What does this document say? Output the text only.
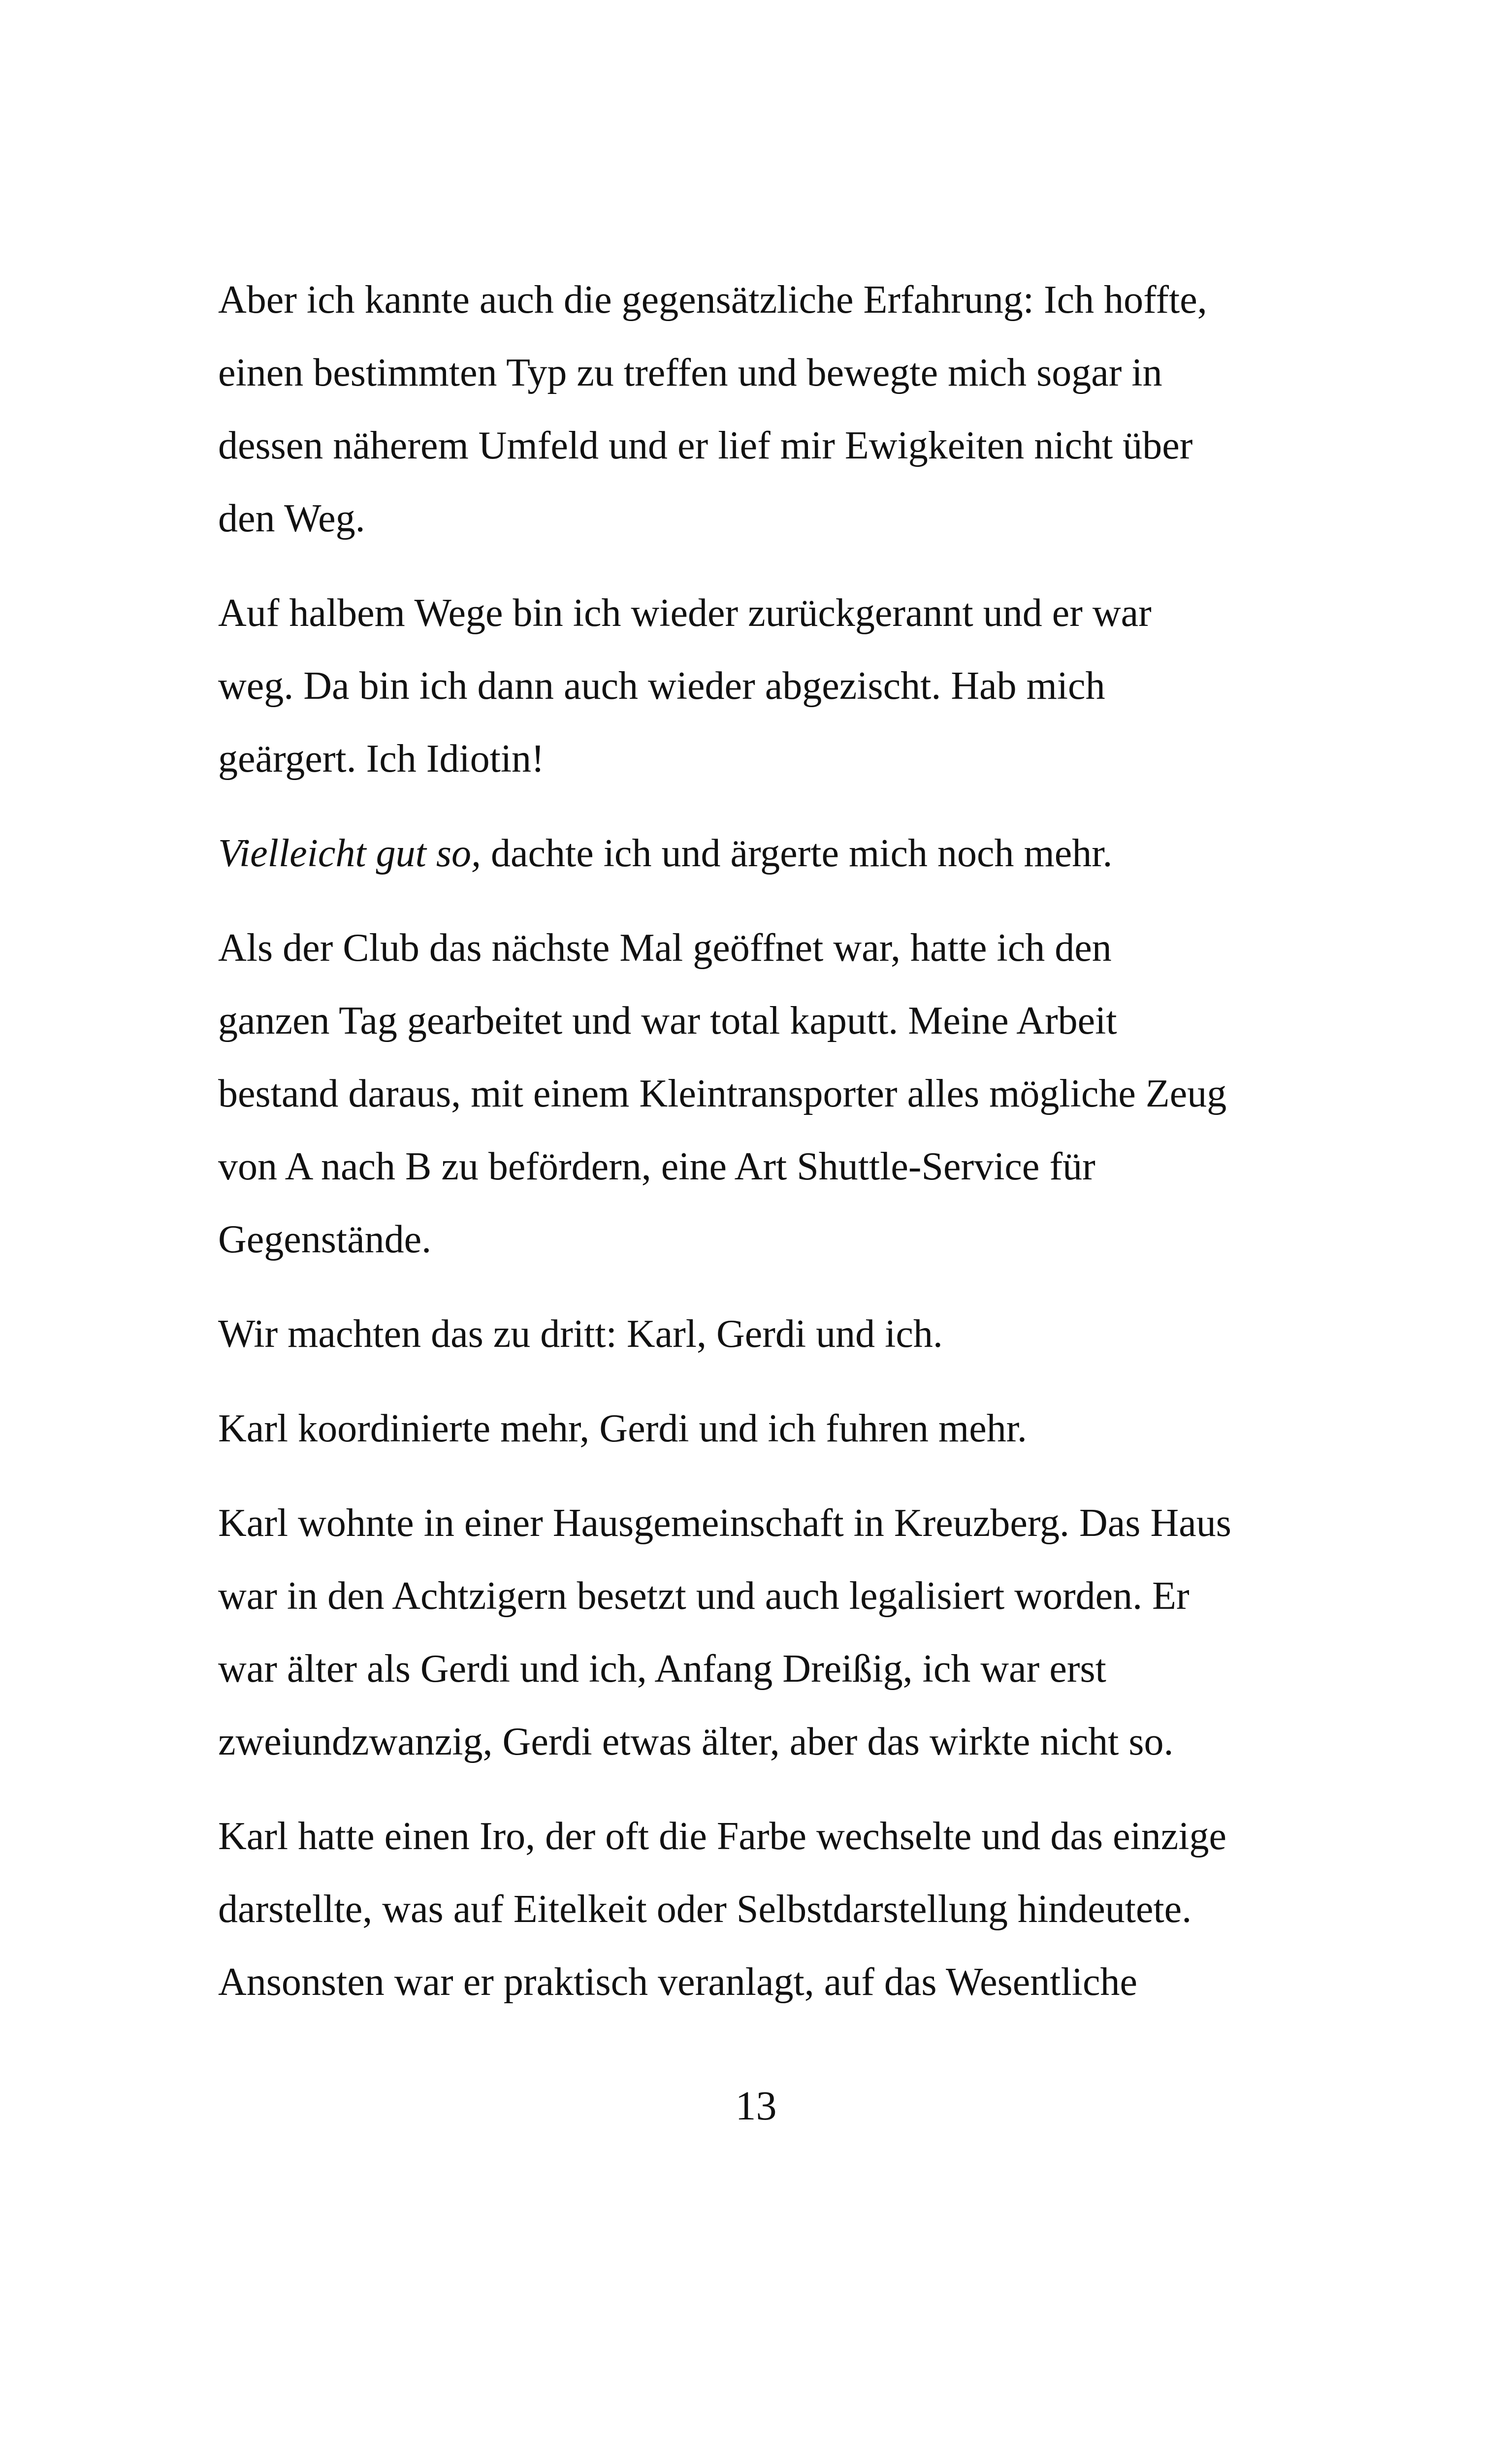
Aber ich kannte auch die gegensätzliche Erfahrung: Ich hoffte,
einen bestimmten Typ zu treffen und bewegte mich sogar in
dessen näherem Umfeld und er lief mir Ewigkeiten nicht über
den Weg.

Auf halbem Wege bin ich wieder zurückgerannt und er war
weg. Da bin ich dann auch wieder abgezischt. Hab mich
geärgert. Ich Idiotin!

Vielleicht gut so, dachte ich und ärgerte mich noch mehr.

Als der Club das nächste Mal geöffnet war, hatte ich den
ganzen Tag gearbeitet und war total kaputt. Meine Arbeit
bestand daraus, mit einem Kleintransporter alles mögliche Zeug
von A nach B zu befördern, eine Art Shuttle-Service für
Gegenstände.

Wir machten das zu dritt: Karl, Gerdi und ich.

Karl koordinierte mehr, Gerdi und ich fuhren mehr.

Karl wohnte in einer Hausgemeinschaft in Kreuzberg. Das Haus
war in den Achtzigern besetzt und auch legalisiert worden. Er
war älter als Gerdi und ich, Anfang Dreißig, ich war erst
zweiundzwanzig, Gerdi etwas älter, aber das wirkte nicht so.

Karl hatte einen Iro, der oft die Farbe wechselte und das einzige
darstellte, was auf Eitelkeit oder Selbstdarstellung hindeutete.
Ansonsten war er praktisch veranlagt, auf das Wesentliche

13
